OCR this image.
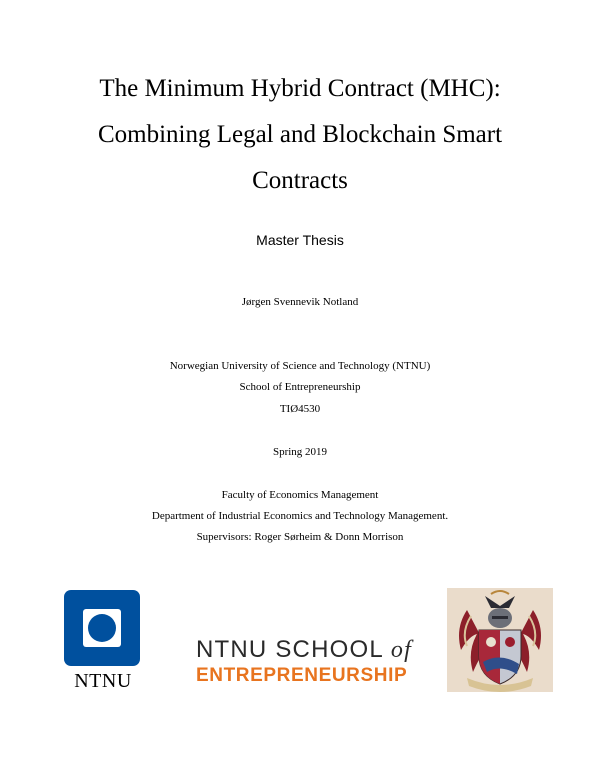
The Minimum Hybrid Contract (MHC):
Combining Legal and Blockchain Smart
Contracts
Master Thesis
Jørgen Svennevik Notland
Norwegian University of Science and Technology (NTNU)
School of Entrepreneurship
TIØ4530
Spring 2019
Faculty of Economics Management
Department of Industrial Economics and Technology Management.
Supervisors: Roger Sørheim & Donn Morrison
NTNU
NTNU SCHOOL of
ENTREPRENEURSHIP
